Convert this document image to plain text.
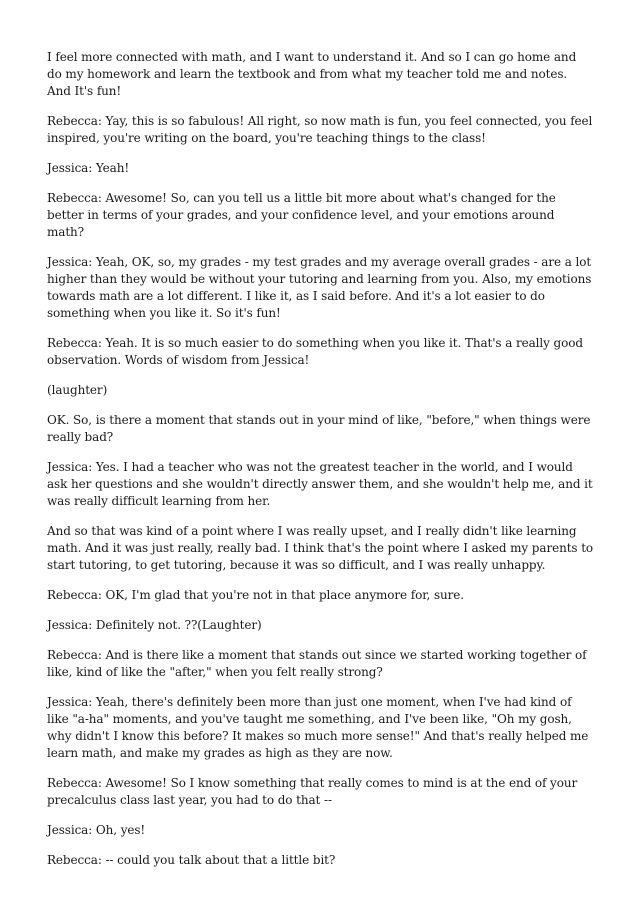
I feel more connected with math, and I want to understand it. And so I can go home and do my homework and learn the textbook and from what my teacher told me and notes. And It's fun!

Rebecca: Yay, this is so fabulous! All right, so now math is fun, you feel connected, you feel inspired, you're writing on the board, you're teaching things to the class!

Jessica: Yeah!

Rebecca: Awesome! So, can you tell us a little bit more about what's changed for the better in terms of your grades, and your confidence level, and your emotions around math?

Jessica: Yeah, OK, so, my grades - my test grades and my average overall grades - are a lot higher than they would be without your tutoring and learning from you. Also, my emotions towards math are a lot different. I like it, as I said before. And it's a lot easier to do something when you like it. So it's fun!

Rebecca: Yeah. It is so much easier to do something when you like it. That's a really good observation. Words of wisdom from Jessica!

(laughter)

OK. So, is there a moment that stands out in your mind of like, "before," when things were really bad?

Jessica: Yes. I had a teacher who was not the greatest teacher in the world, and I would ask her questions and she wouldn't directly answer them, and she wouldn't help me, and it was really difficult learning from her.

And so that was kind of a point where I was really upset, and I really didn't like learning math. And it was just really, really bad. I think that's the point where I asked my parents to start tutoring, to get tutoring, because it was so difficult, and I was really unhappy.

Rebecca: OK, I'm glad that you're not in that place anymore for, sure.

Jessica: Definitely not. ??(Laughter)

Rebecca: And is there like a moment that stands out since we started working together of like, kind of like the "after," when you felt really strong?

Jessica: Yeah, there's definitely been more than just one moment, when I've had kind of like "a-ha" moments, and you've taught me something, and I've been like, "Oh my gosh, why didn't I know this before? It makes so much more sense!" And that's really helped me learn math, and make my grades as high as they are now.

Rebecca: Awesome! So I know something that really comes to mind is at the end of your precalculus class last year, you had to do that --

Jessica: Oh, yes!

Rebecca: -- could you talk about that a little bit?
